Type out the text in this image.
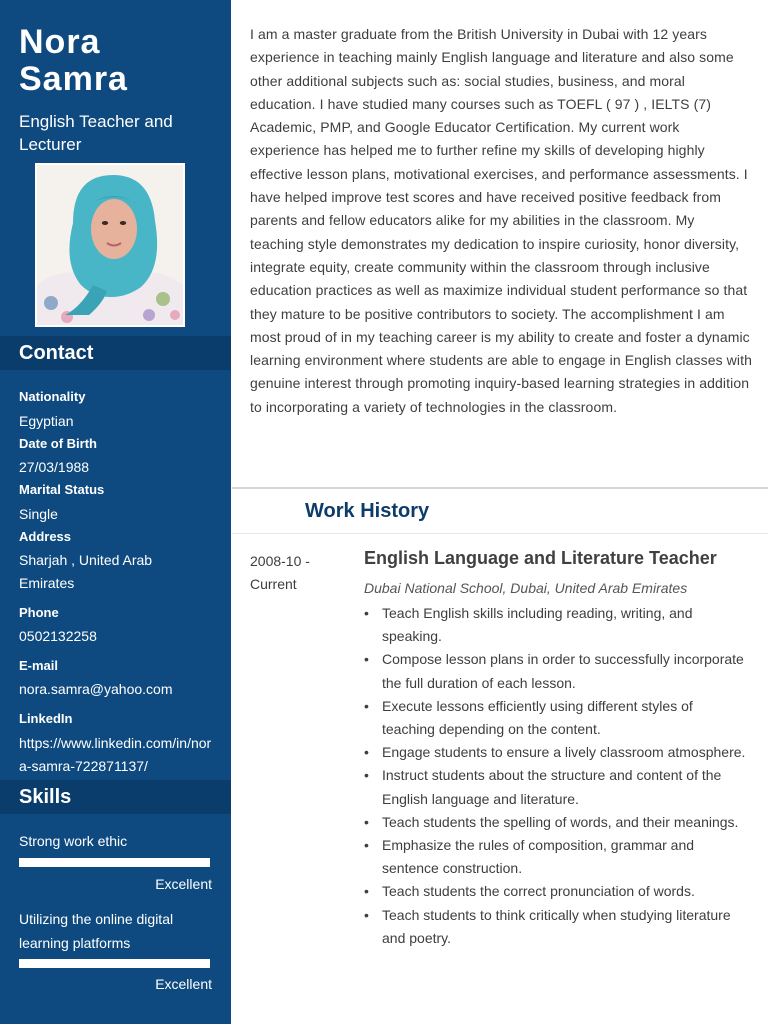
Nora
Samra
English Teacher and Lecturer
Contact
Nationality
Egyptian
Date of Birth
27/03/1988
Marital Status
Single
Address
Sharjah , United Arab Emirates
Phone
0502132258
E-mail
nora.samra@yahoo.com
LinkedIn
https://www.linkedin.com/in/nora-samra-722871137/
Skills
Strong work ethic
Excellent
Utilizing the online digital learning platforms
Excellent

I am a master graduate from the British University in Dubai with 12 years experience in teaching mainly English language and literature and also some other additional subjects such as: social studies, business, and moral education. I have studied many courses such as TOEFL ( 97 ) , IELTS (7) Academic, PMP, and Google Educator Certification. My current work experience has helped me to further refine my skills of developing highly effective lesson plans, motivational exercises, and performance assessments. I have helped improve test scores and have received positive feedback from parents and fellow educators alike for my abilities in the classroom. My teaching style demonstrates my dedication to inspire curiosity, honor diversity, integrate equity, create community within the classroom through inclusive education practices as well as maximize individual student performance so that they mature to be positive contributors to society. The accomplishment I am most proud of in my teaching career is my ability to create and foster a dynamic learning environment where students are able to engage in English classes with genuine interest through promoting inquiry-based learning strategies in addition to incorporating a variety of technologies in the classroom.

Work History
2008-10 - Current
English Language and Literature Teacher
Dubai National School, Dubai, United Arab Emirates
• Teach English skills including reading, writing, and speaking.
• Compose lesson plans in order to successfully incorporate the full duration of each lesson.
• Execute lessons efficiently using different styles of teaching depending on the content.
• Engage students to ensure a lively classroom atmosphere.
• Instruct students about the structure and content of the English language and literature.
• Teach students the spelling of words, and their meanings.
• Emphasize the rules of composition, grammar and sentence construction.
• Teach students the correct pronunciation of words.
• Teach students to think critically when studying literature and poetry.
